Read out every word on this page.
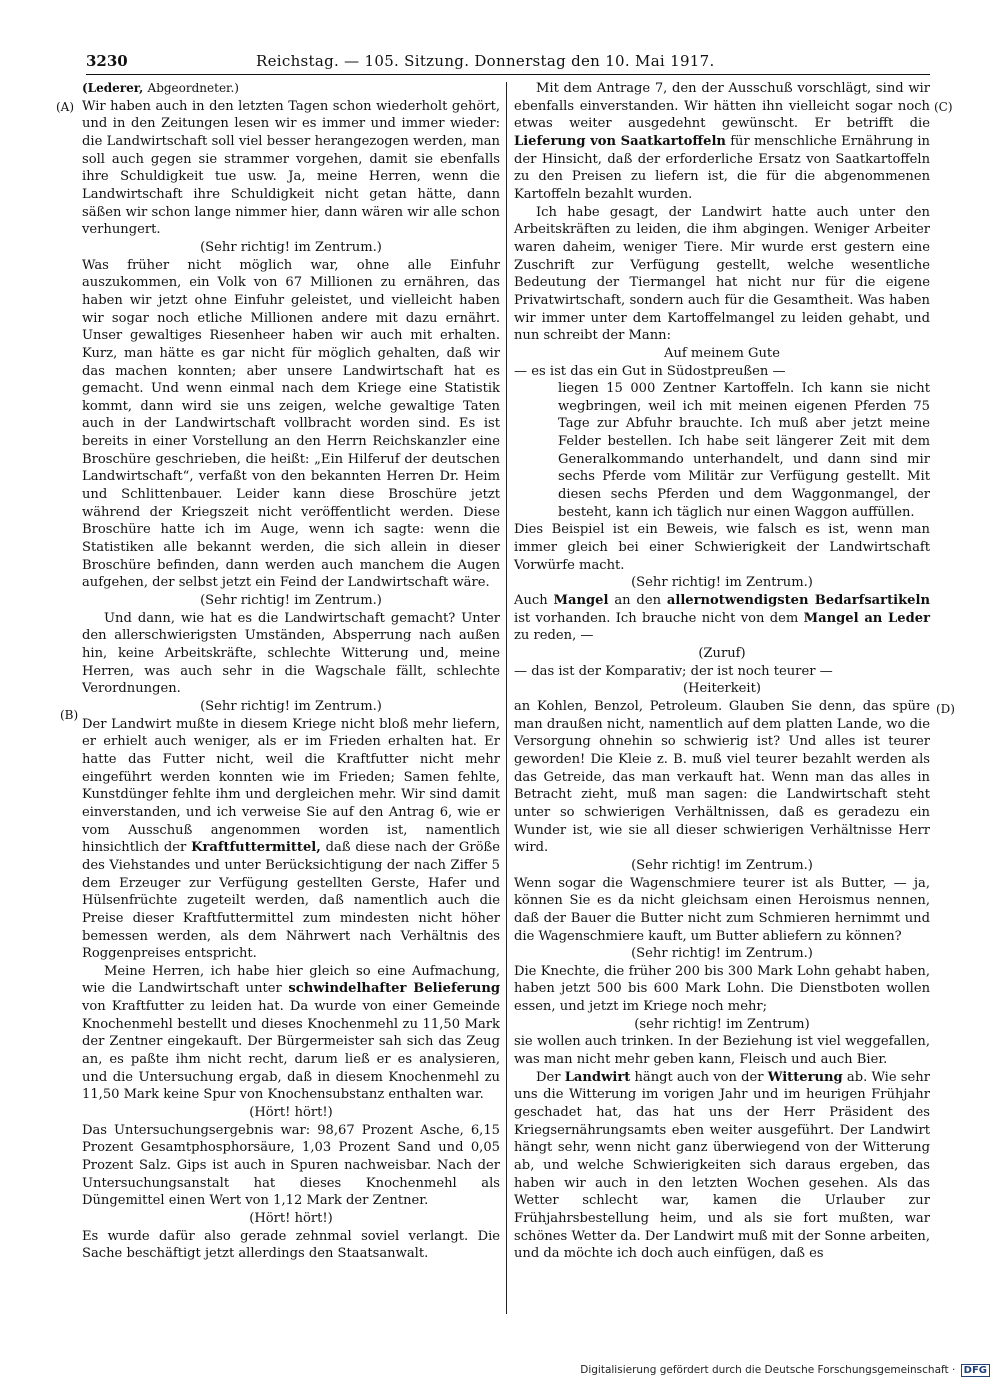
3230	Reichstag. — 105. Sitzung. Donnerstag den 10. Mai 1917.
(A)
(B)
(C)
(D)

(Lederer, Abgeordneter.)

Wir haben auch in den letzten Tagen schon wiederholt gehört, und in den Zeitungen lesen wir es immer und immer wieder: die Landwirtschaft soll viel besser herangezogen werden, man soll auch gegen sie strammer vorgehen, damit sie ebenfalls ihre Schuldigkeit tue usw. Ja, meine Herren, wenn die Landwirtschaft ihre Schuldigkeit nicht getan hätte, dann säßen wir schon lange nimmer hier, dann wären wir alle schon verhungert.

(Sehr richtig! im Zentrum.)

Was früher nicht möglich war, ohne alle Einfuhr auszukommen, ein Volk von 67 Millionen zu ernähren, das haben wir jetzt ohne Einfuhr geleistet, und vielleicht haben wir sogar noch etliche Millionen andere mit dazu ernährt. Unser gewaltiges Riesenheer haben wir auch mit erhalten. Kurz, man hätte es gar nicht für möglich gehalten, daß wir das machen konnten; aber unsere Landwirtschaft hat es gemacht. Und wenn einmal nach dem Kriege eine Statistik kommt, dann wird sie uns zeigen, welche gewaltige Taten auch in der Landwirtschaft vollbracht worden sind. Es ist bereits in einer Vorstellung an den Herrn Reichskanzler eine Broschüre geschrieben, die heißt: „Ein Hilferuf der deutschen Landwirtschaft“, verfaßt von den bekannten Herren Dr. Heim und Schlittenbauer. Leider kann diese Broschüre jetzt während der Kriegszeit nicht veröffentlicht werden. Diese Broschüre hatte ich im Auge, wenn ich sagte: wenn die Statistiken alle bekannt werden, die sich allein in dieser Broschüre befinden, dann werden auch manchem die Augen aufgehen, der selbst jetzt ein Feind der Landwirtschaft wäre.

(Sehr richtig! im Zentrum.)

Und dann, wie hat es die Landwirtschaft gemacht? Unter den allerschwierigsten Umständen, Absperrung nach außen hin, keine Arbeitskräfte, schlechte Witterung und, meine Herren, was auch sehr in die Wagschale fällt, schlechte Verordnungen.

(Sehr richtig! im Zentrum.)

Der Landwirt mußte in diesem Kriege nicht bloß mehr liefern, er erhielt auch weniger, als er im Frieden erhalten hat. Er hatte das Futter nicht, weil die Kraftfutter nicht mehr eingeführt werden konnten wie im Frieden; Samen fehlte, Kunstdünger fehlte ihm und dergleichen mehr. Wir sind damit einverstanden, und ich verweise Sie auf den Antrag 6, wie er vom Ausschuß angenommen worden ist, namentlich hinsichtlich der Kraftfuttermittel, daß diese nach der Größe des Viehstandes und unter Berücksichtigung der nach Ziffer 5 dem Erzeuger zur Verfügung gestellten Gerste, Hafer und Hülsenfrüchte zugeteilt werden, daß namentlich auch die Preise dieser Kraftfuttermittel zum mindesten nicht höher bemessen werden, als dem Nährwert nach Verhältnis des Roggenpreises entspricht.

Meine Herren, ich habe hier gleich so eine Aufmachung, wie die Landwirtschaft unter schwindelhafter Belieferung von Kraftfutter zu leiden hat. Da wurde von einer Gemeinde Knochenmehl bestellt und dieses Knochenmehl zu 11,50 Mark der Zentner eingekauft. Der Bürgermeister sah sich das Zeug an, es paßte ihm nicht recht, darum ließ er es analysieren, und die Untersuchung ergab, daß in diesem Knochenmehl zu 11,50 Mark keine Spur von Knochensubstanz enthalten war.

(Hört! hört!)

Das Untersuchungsergebnis war: 98,67 Prozent Asche, 6,15 Prozent Gesamtphosphorsäure, 1,03 Prozent Sand und 0,05 Prozent Salz. Gips ist auch in Spuren nachweisbar. Nach der Untersuchungsanstalt hat dieses Knochenmehl als Düngemittel einen Wert von 1,12 Mark der Zentner.

(Hört! hört!)

Es wurde dafür also gerade zehnmal soviel verlangt. Die Sache beschäftigt jetzt allerdings den Staatsanwalt.

Mit dem Antrage 7, den der Ausschuß vorschlägt, sind wir ebenfalls einverstanden. Wir hätten ihn vielleicht sogar noch etwas weiter ausgedehnt gewünscht. Er betrifft die Lieferung von Saatkartoffeln für menschliche Ernährung in der Hinsicht, daß der erforderliche Ersatz von Saatkartoffeln zu den Preisen zu liefern ist, die für die abgenommenen Kartoffeln bezahlt wurden.

Ich habe gesagt, der Landwirt hatte auch unter den Arbeitskräften zu leiden, die ihm abgingen. Weniger Arbeiter waren daheim, weniger Tiere. Mir wurde erst gestern eine Zuschrift zur Verfügung gestellt, welche wesentliche Bedeutung der Tiermangel hat nicht nur für die eigene Privatwirtschaft, sondern auch für die Gesamtheit. Was haben wir immer unter dem Kartoffelmangel zu leiden gehabt, und nun schreibt der Mann:

Auf meinem Gute

— es ist das ein Gut in Südostpreußen —

liegen 15 000 Zentner Kartoffeln. Ich kann sie nicht wegbringen, weil ich mit meinen eigenen Pferden 75 Tage zur Abfuhr brauchte. Ich muß aber jetzt meine Felder bestellen. Ich habe seit längerer Zeit mit dem Generalkommando unterhandelt, und dann sind mir sechs Pferde vom Militär zur Verfügung gestellt. Mit diesen sechs Pferden und dem Waggonmangel, der besteht, kann ich täglich nur einen Waggon auffüllen.

Dies Beispiel ist ein Beweis, wie falsch es ist, wenn man immer gleich bei einer Schwierigkeit der Landwirtschaft Vorwürfe macht.

(Sehr richtig! im Zentrum.)

Auch Mangel an den allernotwendigsten Bedarfsartikeln ist vorhanden. Ich brauche nicht von dem Mangel an Leder zu reden, —

(Zuruf)

— das ist der Komparativ; der ist noch teurer —

(Heiterkeit)

an Kohlen, Benzol, Petroleum. Glauben Sie denn, das spüre man draußen nicht, namentlich auf dem platten Lande, wo die Versorgung ohnehin so schwierig ist? Und alles ist teurer geworden! Die Kleie z. B. muß viel teurer bezahlt werden als das Getreide, das man verkauft hat. Wenn man das alles in Betracht zieht, muß man sagen: die Landwirtschaft steht unter so schwierigen Verhältnissen, daß es geradezu ein Wunder ist, wie sie all dieser schwierigen Verhältnisse Herr wird.

(Sehr richtig! im Zentrum.)

Wenn sogar die Wagenschmiere teurer ist als Butter, — ja, können Sie es da nicht gleichsam einen Heroismus nennen, daß der Bauer die Butter nicht zum Schmieren hernimmt und die Wagenschmiere kauft, um Butter abliefern zu können?

(Sehr richtig! im Zentrum.)

Die Knechte, die früher 200 bis 300 Mark Lohn gehabt haben, haben jetzt 500 bis 600 Mark Lohn. Die Dienstboten wollen essen, und jetzt im Kriege noch mehr;

(sehr richtig! im Zentrum)

sie wollen auch trinken. In der Beziehung ist viel weggefallen, was man nicht mehr geben kann, Fleisch und auch Bier.

Der Landwirt hängt auch von der Witterung ab. Wie sehr uns die Witterung im vorigen Jahr und im heurigen Frühjahr geschadet hat, das hat uns der Herr Präsident des Kriegsernährungsamts eben weiter ausgeführt. Der Landwirt hängt sehr, wenn nicht ganz überwiegend von der Witterung ab, und welche Schwierigkeiten sich daraus ergeben, das haben wir auch in den letzten Wochen gesehen. Als das Wetter schlecht war, kamen die Urlauber zur Frühjahrsbestellung heim, und als sie fort mußten, war schönes Wetter da. Der Landwirt muß mit der Sonne arbeiten, und da möchte ich doch auch einfügen, daß es

Digitalisierung gefördert durch die Deutsche Forschungsgemeinschaft · DFG
